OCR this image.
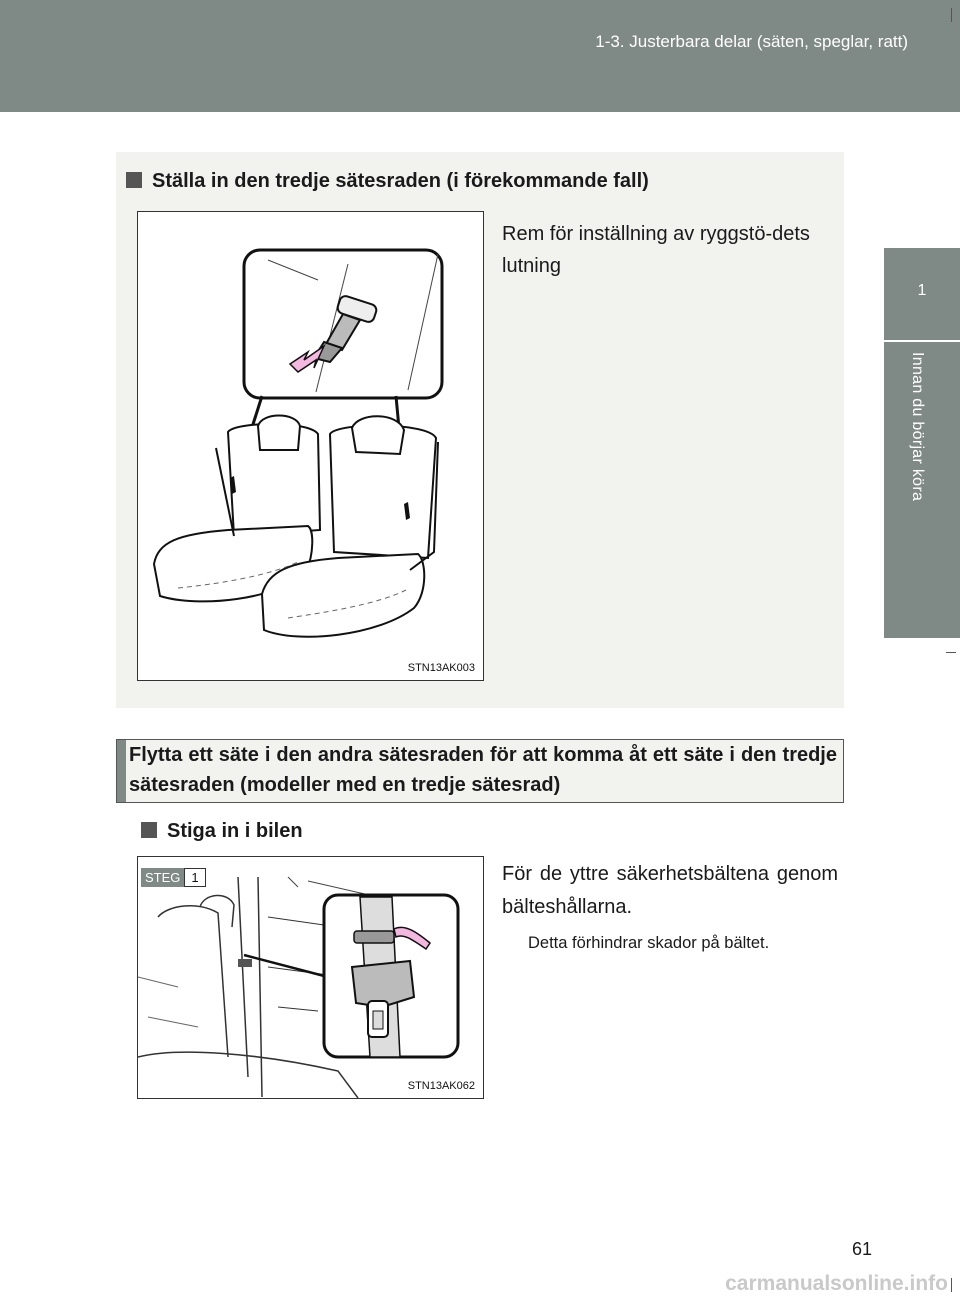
1-3. Justerbara delar (säten, speglar, ratt)
1
Innan du börjar köra
Ställa in den tredje sätesraden (i förekommande fall)
STN13AK003
Rem för inställning av ryggstö-dets lutning
Flytta ett säte i den andra sätesraden för att komma åt ett säte i den tredje sätesraden (modeller med en tredje sätesrad)
Stiga in i bilen
STEG 1
STN13AK062
För de yttre säkerhetsbältena genom bälteshållarna.
Detta förhindrar skador på bältet.
61
carmanualsonline.info
